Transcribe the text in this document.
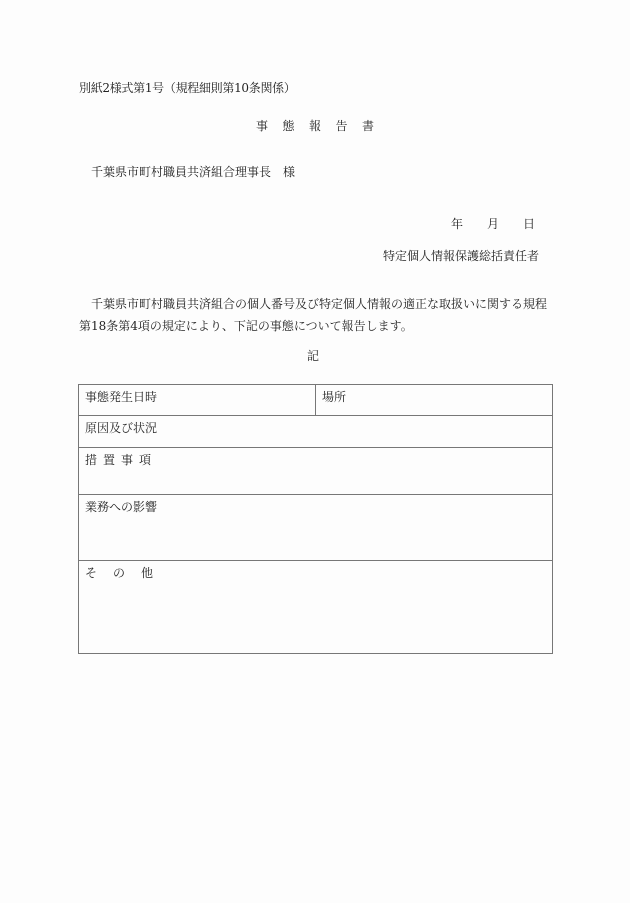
別紙2様式第1号（規程細則第10条関係）
事 態 報 告 書
千葉県市町村職員共済組合理事長 様
年 月 日
特定個人情報保護総括責任者
千葉県市町村職員共済組合の個人番号及び特定個人情報の適正な取扱いに関する規程第18条第4項の規定により、下記の事態について報告します。
記
事態発生日時	場所
原因及び状況
措置事項
業務への影響
その他
